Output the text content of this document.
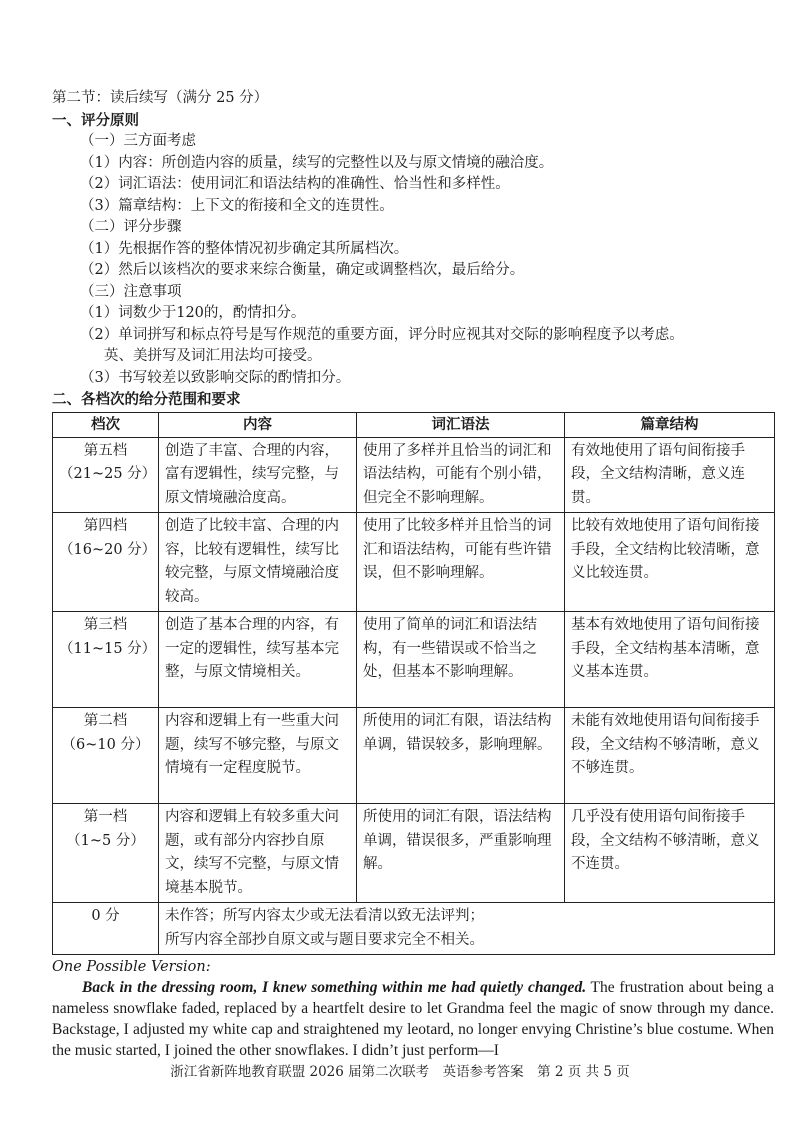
第二节：读后续写（满分 25 分）
一、评分原则
（一）三方面考虑
（1）内容：所创造内容的质量，续写的完整性以及与原文情境的融洽度。
（2）词汇语法：使用词汇和语法结构的准确性、恰当性和多样性。
（3）篇章结构：上下文的衔接和全文的连贯性。
（二）评分步骤
（1）先根据作答的整体情况初步确定其所属档次。
（2）然后以该档次的要求来综合衡量，确定或调整档次，最后给分。
（三）注意事项
（1）词数少于120的，酌情扣分。
（2）单词拼写和标点符号是写作规范的重要方面，评分时应视其对交际的影响程度予以考虑。
英、美拼写及词汇用法均可接受。
（3）书写较差以致影响交际的酌情扣分。
二、各档次的给分范围和要求
档次	内容	词汇语法	篇章结构
第五档
（21~25 分）	创造了丰富、合理的内容，富有逻辑性，续写完整，与原文情境融洽度高。	使用了多样并且恰当的词汇和语法结构，可能有个别小错，但完全不影响理解。	有效地使用了语句间衔接手段，全文结构清晰，意义连贯。
第四档
（16~20 分）	创造了比较丰富、合理的内容，比较有逻辑性，续写比较完整，与原文情境融洽度较高。	使用了比较多样并且恰当的词汇和语法结构，可能有些许错误，但不影响理解。	比较有效地使用了语句间衔接手段，全文结构比较清晰，意义比较连贯。
第三档
（11~15 分）	创造了基本合理的内容，有一定的逻辑性，续写基本完整，与原文情境相关。	使用了简单的词汇和语法结构，有一些错误或不恰当之处，但基本不影响理解。	基本有效地使用了语句间衔接手段，全文结构基本清晰，意义基本连贯。
第二档
（6~10 分）	内容和逻辑上有一些重大问题，续写不够完整，与原文情境有一定程度脱节。	所使用的词汇有限，语法结构单调，错误较多，影响理解。	未能有效地使用语句间衔接手段，全文结构不够清晰，意义不够连贯。
第一档
（1~5 分）	内容和逻辑上有较多重大问题，或有部分内容抄自原文，续写不完整，与原文情境基本脱节。	所使用的词汇有限，语法结构单调，错误很多，严重影响理解。	几乎没有使用语句间衔接手段，全文结构不够清晰，意义不连贯。
0 分	未作答；所写内容太少或无法看清以致无法评判；
所写内容全部抄自原文或与题目要求完全不相关。		
One Possible Version:
Back in the dressing room, I knew something within me had quietly changed. The frustration about being a nameless snowflake faded, replaced by a heartfelt desire to let Grandma feel the magic of snow through my dance. Backstage, I adjusted my white cap and straightened my leotard, no longer envying Christine’s blue costume. When the music started, I joined the other snowflakes. I didn’t just perform—I
浙江省新阵地教育联盟 2026 届第二次联考　英语参考答案　第 2 页 共 5 页
